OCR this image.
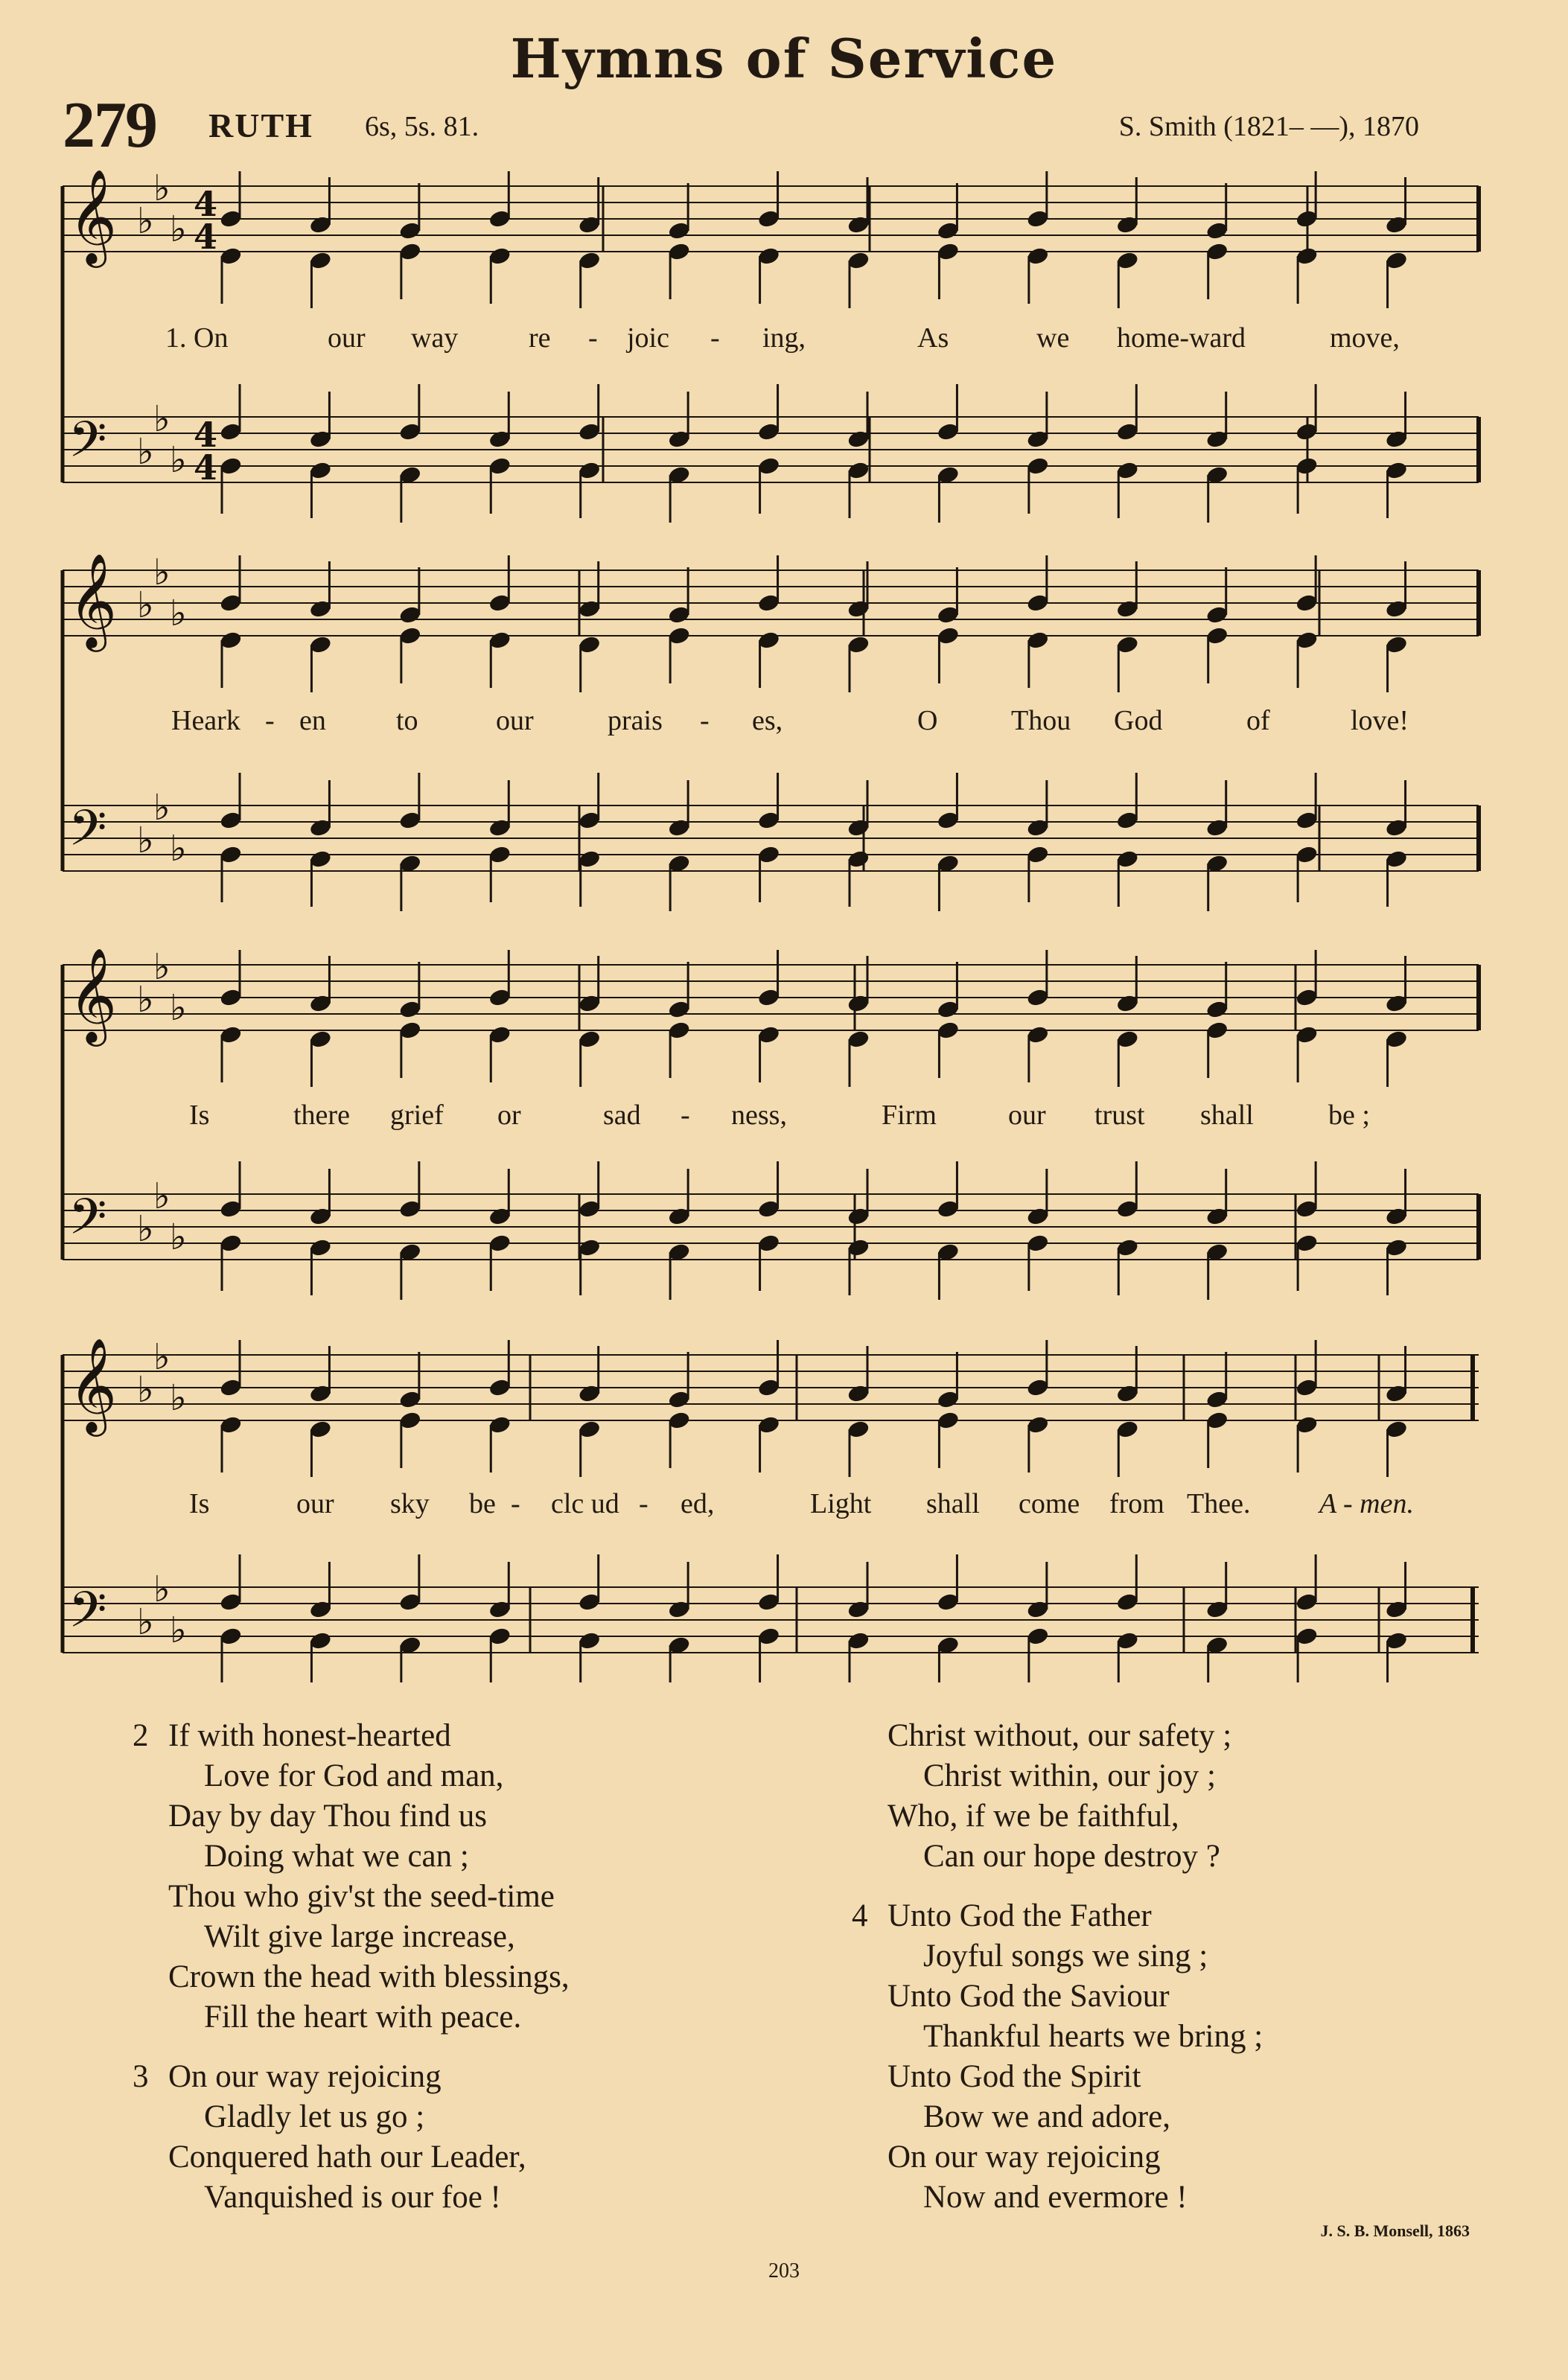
Hymns of Service
279 RUTH 6s, 5s. 81.	S. Smith (1821– —), 1870
𝄞 ♭
♭
♭
4
4
𝄢 ♭
♭
♭
4
4
𝄞 ♭
♭
♭
𝄢 ♭
♭
♭
𝄞 ♭
♭
♭
𝄢 ♭
♭
♭
𝄞 ♭
♭
♭
𝄢 ♭
♭
♭
1. On	our way re - joic - ing,	As	we home-ward	move,
Heark - en to	our	prais - es,	O	Thou God	of	love!
Is	there grief or	sad - ness,	Firm	our trust shall	be ;
Is	our sky be - clc ud - ed,	Light shall come from Thee. A - men.
2 If with honest-hearted
Love for God and man,
Day by day Thou find us
Doing what we can ;
Thou who giv'st the seed-time
Wilt give large increase,
Crown the head with blessings,
Fill the heart with peace.
3 On our way rejoicing
Gladly let us go ;
Conquered hath our Leader,
Vanquished is our foe !
Christ without, our safety ;
Christ within, our joy ;
Who, if we be faithful,
Can our hope destroy ?
4 Unto God the Father
Joyful songs we sing ;
Unto God the Saviour
Thankful hearts we bring ;
Unto God the Spirit
Bow we and adore,
On our way rejoicing
Now and evermore !
J. S. B. Monsell, 1863
203
